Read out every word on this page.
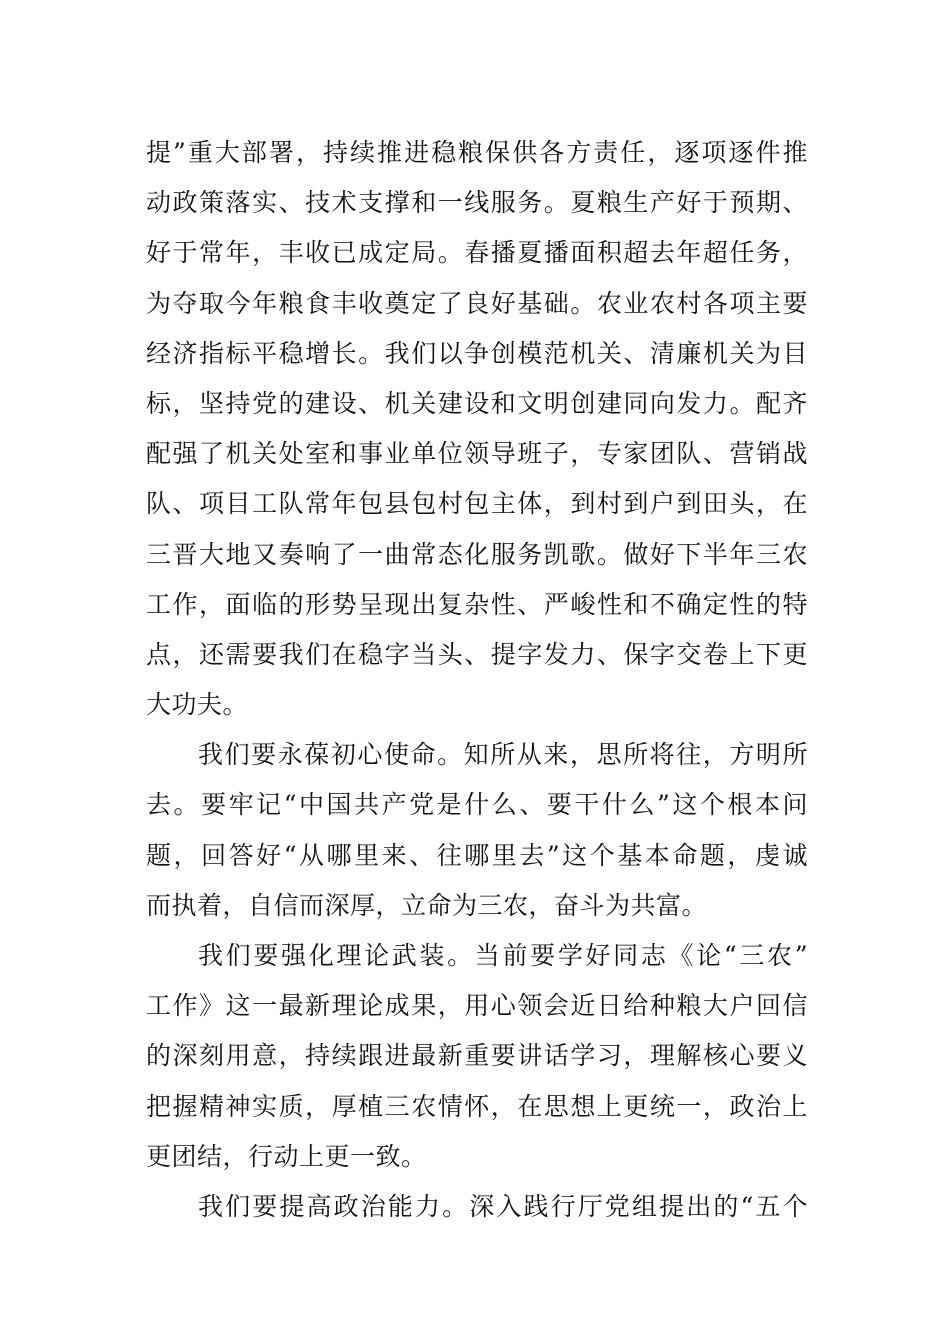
提”重大部署，持续推进稳粮保供各方责任，逐项逐件推
动政策落实、技术支撑和一线服务。夏粮生产好于预期、
好于常年，丰收已成定局。春播夏播面积超去年超任务，
为夺取今年粮食丰收奠定了良好基础。农业农村各项主要
经济指标平稳增长。我们以争创模范机关、清廉机关为目
标，坚持党的建设、机关建设和文明创建同向发力。配齐
配强了机关处室和事业单位领导班子，专家团队、营销战
队、项目工队常年包县包村包主体，到村到户到田头，在
三晋大地又奏响了一曲常态化服务凯歌。做好下半年三农
工作，面临的形势呈现出复杂性、严峻性和不确定性的特
点，还需要我们在稳字当头、提字发力、保字交卷上下更
大功夫。
我们要永葆初心使命。知所从来，思所将往，方明所
去。要牢记“中国共产党是什么、要干什么”这个根本问
题，回答好“从哪里来、往哪里去”这个基本命题，虔诚
而执着，自信而深厚，立命为三农，奋斗为共富。
我们要强化理论武装。当前要学好同志《论“三农”
工作》这一最新理论成果，用心领会近日给种粮大户回信
的深刻用意，持续跟进最新重要讲话学习，理解核心要义
把握精神实质，厚植三农情怀，在思想上更统一，政治上
更团结，行动上更一致。
我们要提高政治能力。深入践行厅党组提出的“五个
